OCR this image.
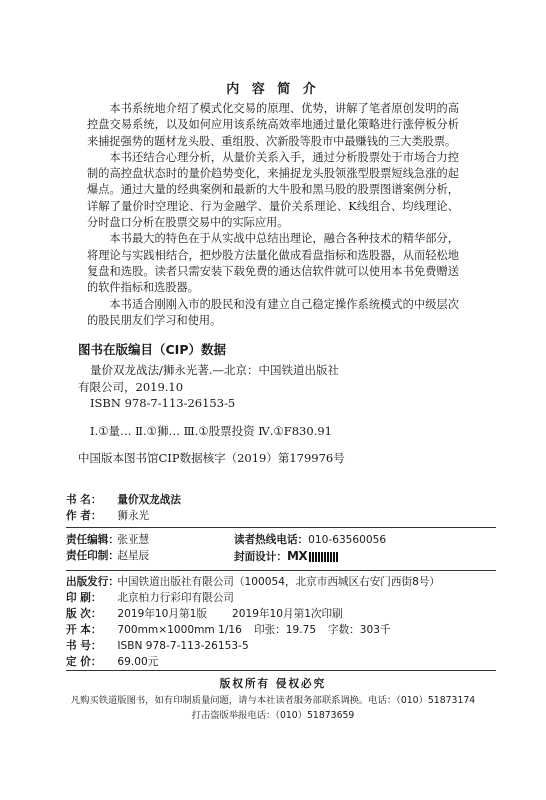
内 容 简 介

本书系统地介绍了模式化交易的原理、优势，讲解了笔者原创发明的高控盘交易系统，以及如何应用该系统高效率地通过量化策略进行涨停板分析来捕捉强势的题材龙头股、重组股、次新股等股市中最赚钱的三大类股票。

本书还结合心理分析，从量价关系入手，通过分析股票处于市场合力控制的高控盘状态时的量价趋势变化，来捕捉龙头股领涨型股票短线急涨的起爆点。通过大量的经典案例和最新的大牛股和黑马股的股票图谱案例分析，详解了量价时空理论、行为金融学、量价关系理论、K线组合、均线理论、分时盘口分析在股票交易中的实际应用。

本书最大的特色在于从实战中总结出理论，融合各种技术的精华部分，将理论与实践相结合，把炒股方法量化做成看盘指标和选股器，从而轻松地复盘和选股。读者只需安装下载免费的通达信软件就可以使用本书免费赠送的软件指标和选股器。

本书适合刚刚入市的股民和没有建立自己稳定操作系统模式的中级层次的股民朋友们学习和使用。

图书在版编目（CIP）数据
量价双龙战法/狮永光著.—北京：中国铁道出版社
有限公司，2019.10
ISBN 978-7-113-26153-5
Ⅰ.①量… Ⅱ.①狮… Ⅲ.①股票投资 Ⅳ.①F830.91
中国版本图书馆CIP数据核字（2019）第179976号
书 名： 量价双龙战法
作 者： 狮永光
责任编辑： 张亚慧	读者热线电话：010-63560056
责任印制： 赵星辰	封面设计：MX
出版发行： 中国铁道出版社有限公司（100054，北京市西城区右安门西街8号）
印 刷： 北京柏力行彩印有限公司
版 次： 2019年10月第1版 2019年10月第1次印刷
开 本： 700mm×1000mm 1/16 印张：19.75 字数：303千
书 号： ISBN 978-7-113-26153-5
定 价： 69.00元
版权所有 侵权必究
凡购买铁道版图书，如有印制质量问题，请与本社读者服务部联系调换。电话：（010）51873174
打击盗版举报电话：（010）51873659
